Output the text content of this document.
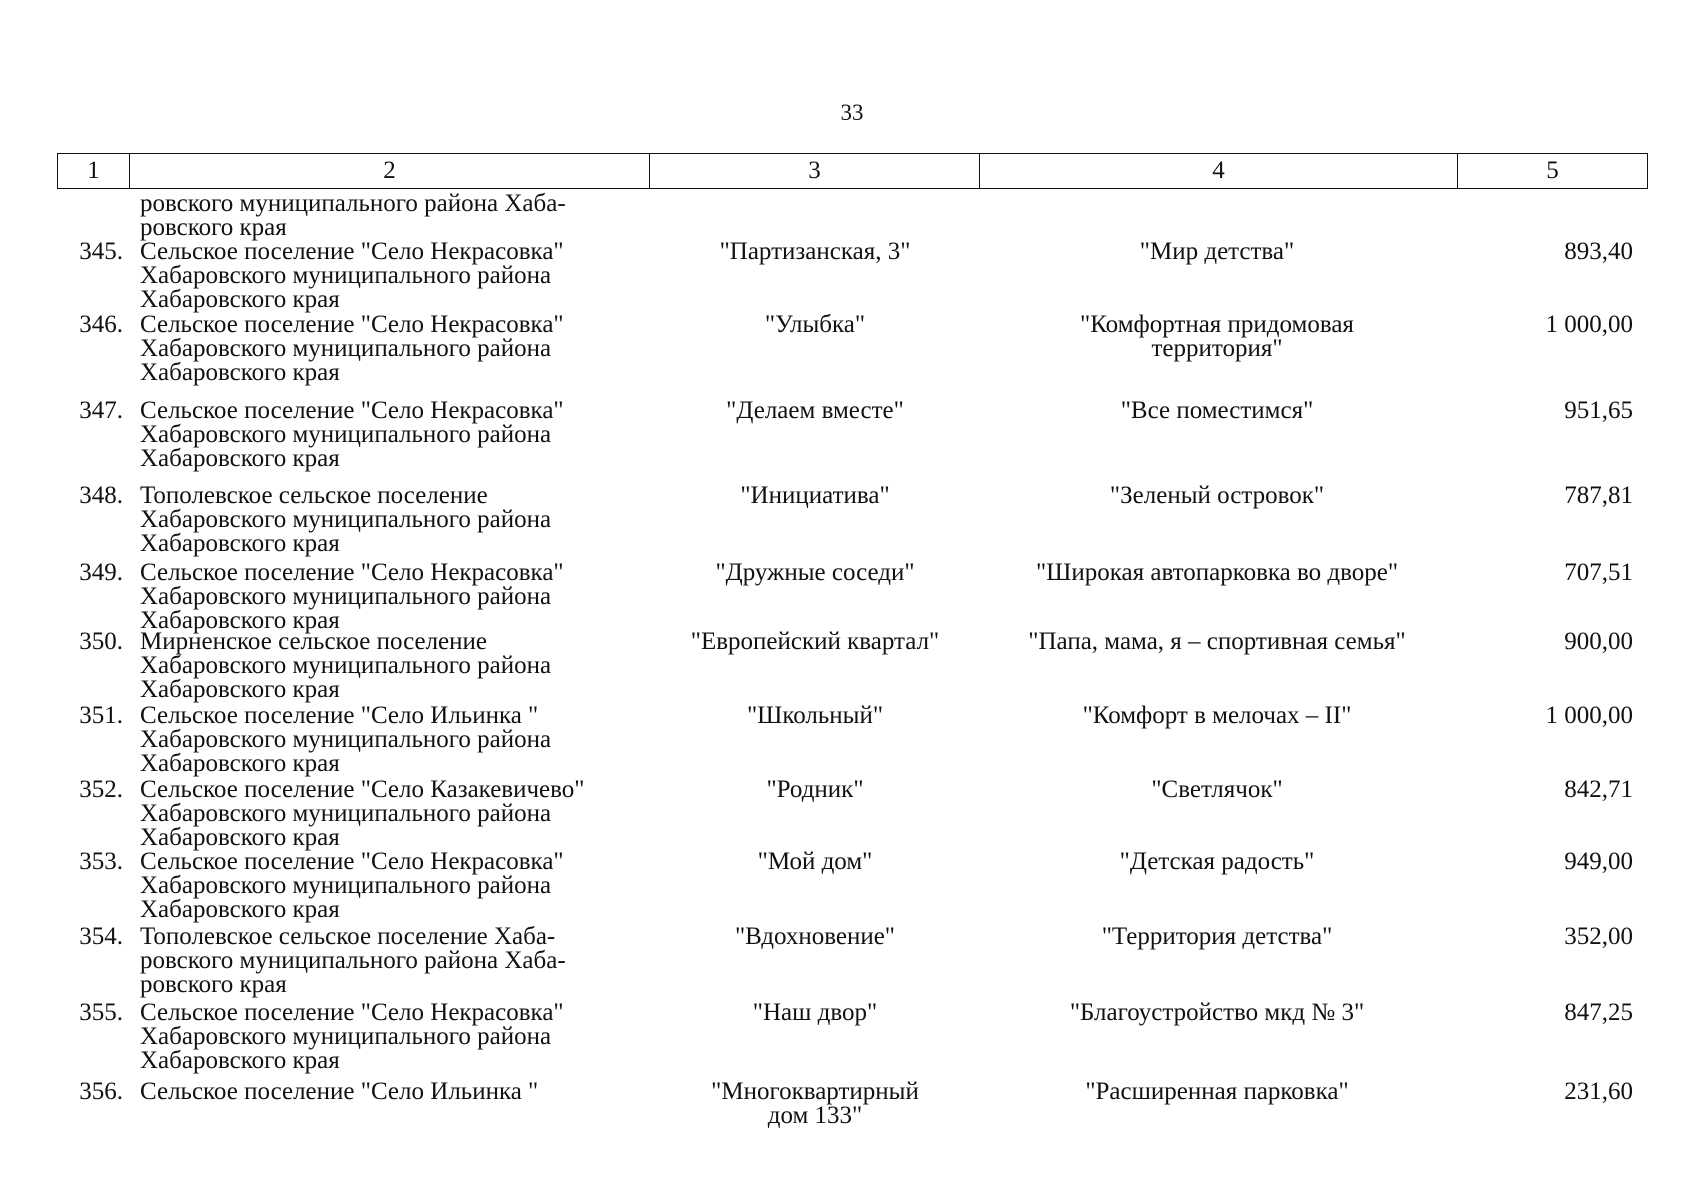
33
1	2	3	4	5
ровского муниципального района Хаба-
ровского края
345. Сельское поселение "Село Некрасовка"
Хабаровского муниципального района
Хабаровского края
"Партизанская, 3"	"Мир детства"	893,40
346. Сельское поселение "Село Некрасовка"
Хабаровского муниципального района
Хабаровского края
"Улыбка"	"Комфортная придомовая
территория"
1 000,00
347. Сельское поселение "Село Некрасовка"
Хабаровского муниципального района
Хабаровского края
"Делаем вместе"	"Все поместимся"	951,65
348. Тополевское сельское поселение
Хабаровского муниципального района
Хабаровского края
"Инициатива"	"Зеленый островок"	787,81
349. Сельское поселение "Село Некрасовка"
Хабаровского муниципального района
Хабаровского края
"Дружные соседи"	"Широкая автопарковка во дворе"	707,51
350. Мирненское сельское поселение
Хабаровского муниципального района
Хабаровского края
"Европейский квартал"	"Папа, мама, я – спортивная семья"	900,00
351. Сельское поселение "Село Ильинка "
Хабаровского муниципального района
Хабаровского края
"Школьный"	"Комфорт в мелочах – II"	1 000,00
352. Сельское поселение "Село Казакевичево"
Хабаровского муниципального района
Хабаровского края
"Родник"	"Светлячок"	842,71
353. Сельское поселение "Село Некрасовка"
Хабаровского муниципального района
Хабаровского края
"Мой дом"	"Детская радость"	949,00
354. Тополевское сельское поселение Хаба-
ровского муниципального района Хаба-
ровского края
"Вдохновение"	"Территория детства"	352,00
355. Сельское поселение "Село Некрасовка"
Хабаровского муниципального района
Хабаровского края
"Наш двор"	"Благоустройство мкд № 3"	847,25
356. Сельское поселение "Село Ильинка "	"Многоквартирный
дом 133"
"Расширенная парковка"	231,60
